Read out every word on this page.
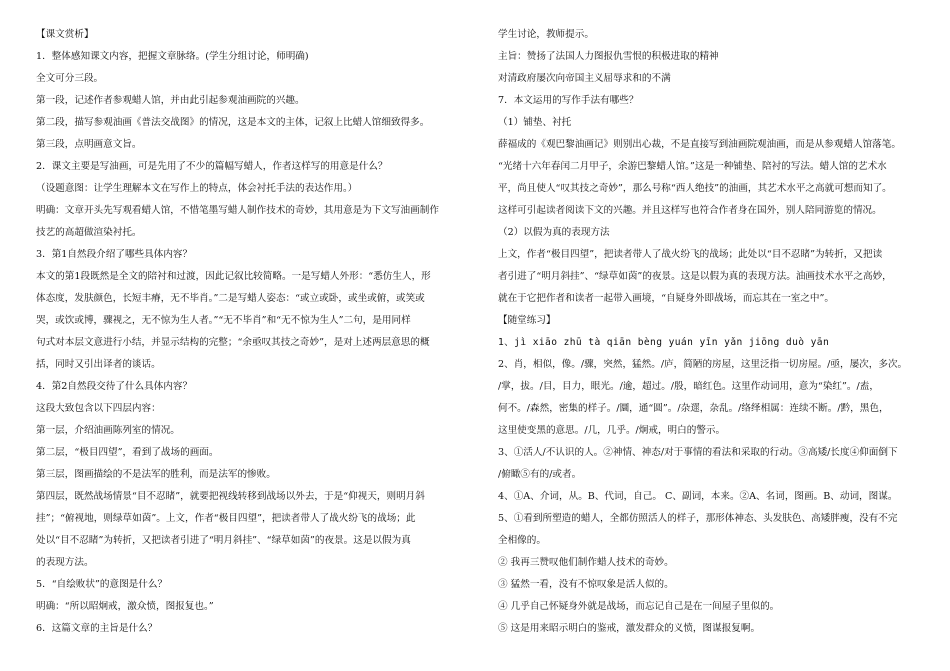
【课文赏析】
1．整体感知课文内容，把握文章脉络。(学生分组讨论，师明确)
全文可分三段。
第一段，记述作者参观蜡人馆，并由此引起参观油画院的兴趣。
第二段，描写参观油画《普法交战图》的情况，这是本文的主体，记叙上比蜡人馆细致得多。
第三段，点明画意文旨。
2．课文主要是写油画，可是先用了不少的篇幅写蜡人，作者这样写的用意是什么？
（设题意图：让学生理解本文在写作上的特点，体会衬托手法的表达作用。）
明确：文章开头先写观看蜡人馆，不惜笔墨写蜡人制作技术的奇妙，其用意是为下文写油画制作
技艺的高超做渲染衬托。
3．第1自然段介绍了哪些具体内容？
本文的第1段既然是全文的陪衬和过渡，因此记叙比较简略。一是写蜡人外形：“悉仿生人，形
体态度，发肤颜色，长短丰瘠，无不毕肖。”二是写蜡人姿态：“或立或卧，或坐或俯，或笑或
哭，或饮或博，骤视之，无不惊为生人者。”“无不毕肖”和“无不惊为生人”二句，是用同样
句式对本层文意进行小结，并显示结构的完整；“余亟叹其技之奇妙”，是对上述两层意思的概
括，同时又引出译者的谈话。
4．第2自然段交待了什么具体内容？
这段大致包含以下四层内容：
第一层，介绍油画陈列室的情况。
第二层，“极目四望”，看到了战场的画面。
第三层，图画描绘的不是法军的胜利，而是法军的惨败。
第四层，既然战场情景“目不忍睹”，就要把视线转移到战场以外去，于是“仰视天，则明月斜
挂”；“俯视地，则绿草如茵”。上文，作者“极目四望”，把读者带人了战火纷飞的战场；此
处以“目不忍睹”为转折，又把读者引进了“明月斜挂”、“绿草如茵”的夜景。这是以假为真
的表现方法。
5．“自绘败状”的意图是什么？
明确：“所以昭炯戒，激众愤，图报复也。”
6．这篇文章的主旨是什么？
学生讨论，教师提示。
主旨：赞扬了法国人力图报仇雪恨的积极进取的精神
对清政府屡次向帝国主义屈辱求和的不满
7．本文运用的写作手法有哪些？
（1）铺垫、衬托
薛福成的《观巴黎油画记》则别出心裁，不是直接写到油画院观油画，而是从参观蜡人馆落笔。
“光绪十六年春闰二月甲子，余游巴黎蜡人馆。”这是一种铺垫、陪衬的写法。蜡人馆的艺术水
平，尚且使人“叹其技之奇妙”，那么号称“西人绝技”的油画，其艺术水平之高就可想而知了。
这样可引起读者阅读下文的兴趣。并且这样写也符合作者身在国外，别人陪同游览的情况。
（2）以假为真的表现方法
上文，作者“极目四望”，把读者带人了战火纷飞的战场；此处以“目不忍睹”为转折，又把读
者引进了“明月斜挂”、“绿草如茵”的夜景。这是以假为真的表现方法。油画技术水平之高妙，
就在于它把作者和读者一起带入画境，“自疑身外即战场，而忘其在一室之中”。
【随堂练习】
1、jì xiāo zhū tà qiān bèng yuán yīn yǎn jiōng duò yān
2、肖，相似，像。/骤，突然，猛然。/庐，简陋的房屋，这里泛指一切房屋。/亟，屡次，多次。
/掌，拔。/目，目力，眼光。/逾，超过。/殷，暗红色。这里作动词用，意为“染红”。/盍，
何不。/森然，密集的样子。/圜，通“圆”。/杂遝，杂乱。/络绎相属：连续不断。/黔，黑色，
这里使变黑的意思。/几，几乎。/炯戒，明白的警示。
3、①活人/不认识的人。②神情、神态/对于事情的看法和采取的行动。③高矮/长度④仰面倒下
/俯瞰⑤有的/或者。
4、①A、介词，从。B、代词，自己。 C、副词，本来。②A、名词，图画。B、动词，图谋。
5、①看到所塑造的蜡人，全都仿照活人的样子，那形体神态、头发肤色、高矮胖瘦，没有不完
全相像的。
② 我再三赞叹他们制作蜡人技术的奇妙。
③ 猛然一看，没有不惊叹象是活人似的。
④ 几乎自己怀疑身外就是战场，而忘记自己是在一间屋子里似的。
⑤ 这是用来昭示明白的鉴戒，激发群众的义愤，图谋报复啊。
